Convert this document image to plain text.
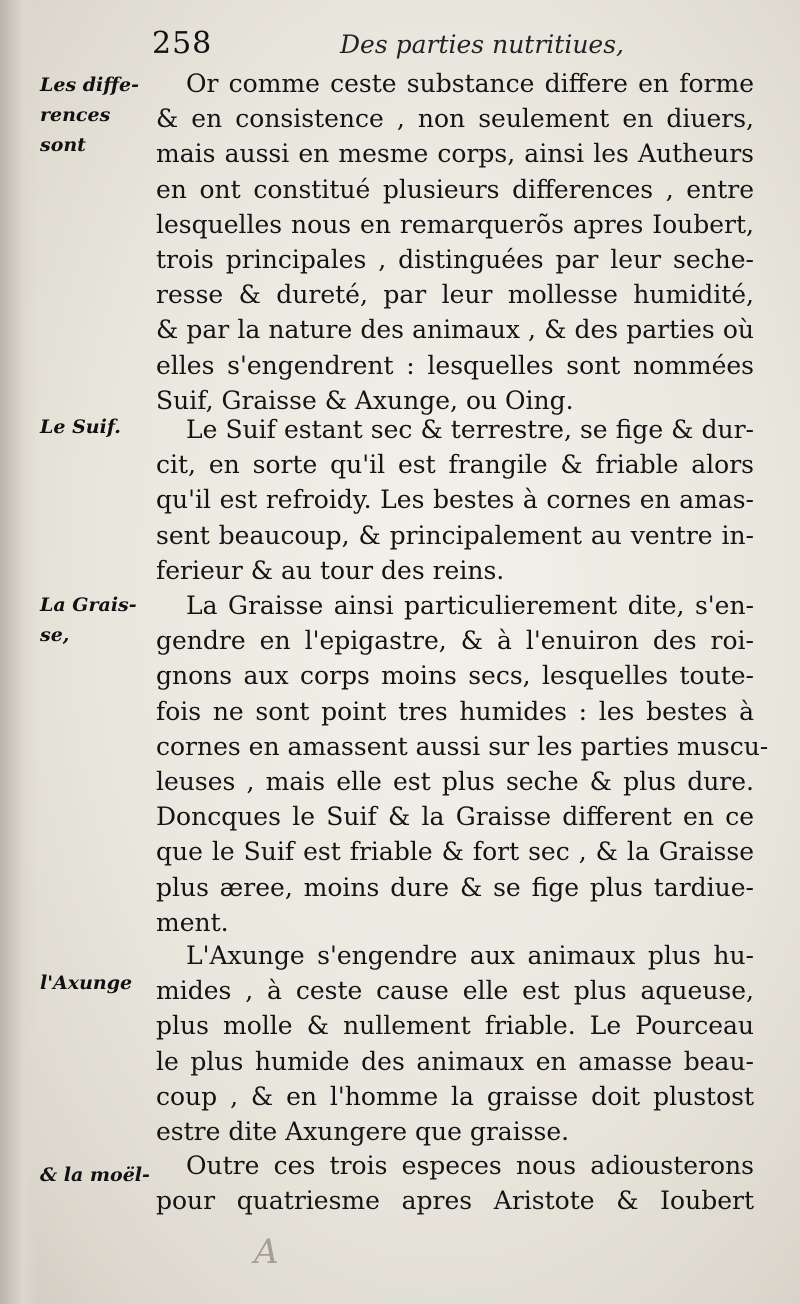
258	Des parties nutritiues,
Les diffe-
rences sont
Le Suif.
La Grais-
se,
l'Axunge
& la moël-
Or comme ceste substance differe en forme
& en consistence , non seulement en diuers,
mais aussi en mesme corps, ainsi les Autheurs
en ont constitué plusieurs differences , entre
lesquelles nous en remarquerõs apres Ioubert,
trois principales , distinguées par leur seche-
resse & dureté, par leur mollesse humidité,
& par la nature des animaux , & des parties où
elles s'engendrent : lesquelles sont nommées
Suif, Graisse & Axunge, ou Oing.
Le Suif estant sec & terrestre, se fige & dur-
cit, en sorte qu'il est frangile & friable alors
qu'il est refroidy. Les bestes à cornes en amas-
sent beaucoup, & principalement au ventre in-
ferieur & au tour des reins.
La Graisse ainsi particulierement dite, s'en-
gendre en l'epigastre, & à l'enuiron des roi-
gnons aux corps moins secs, lesquelles toute-
fois ne sont point tres humides : les bestes à
cornes en amassent aussi sur les parties muscu-
leuses , mais elle est plus seche & plus dure.
Doncques le Suif & la Graisse different en ce
que le Suif est friable & fort sec , & la Graisse
plus æree, moins dure & se fige plus tardiue-
ment.
L'Axunge s'engendre aux animaux plus hu-
mides , à ceste cause elle est plus aqueuse,
plus molle & nullement friable. Le Pourceau
le plus humide des animaux en amasse beau-
coup , & en l'homme la graisse doit plustost
estre dite Axungere que graisse.
Outre ces trois especes nous adiousterons
pour quatriesme apres Aristote & Ioubert
A
